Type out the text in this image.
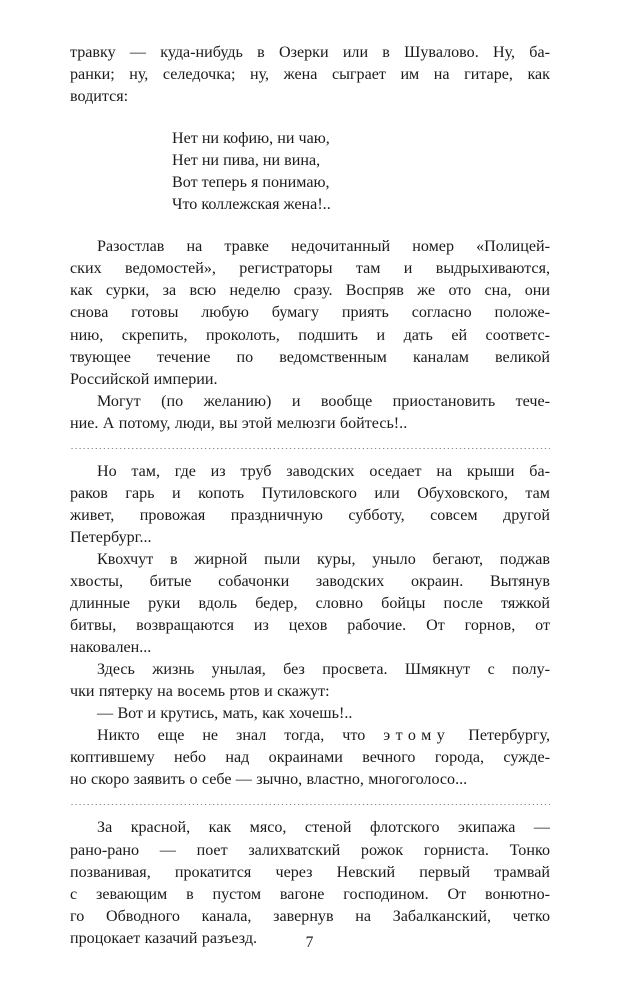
травку — куда-нибудь в Озерки или в Шувалово. Ну, ба-
ранки; ну, селедочка; ну, жена сыграет им на гитаре, как
водится:

Нет ни кофию, ни чаю,
Нет ни пива, ни вина,
Вот теперь я понимаю,
Что коллежская жена!..

Разостлав на травке недочитанный номер «Полицей-
ских ведомостей», регистраторы там и выдрыхиваются,
как сурки, за всю неделю сразу. Воспряв же ото сна, они
снова готовы любую бумагу приять согласно положе-
нию, скрепить, проколоть, подшить и дать ей соответс-
твующее течение по ведомственным каналам великой
Российской империи.

Могут (по желанию) и вообще приостановить тече-
ние. А потому, люди, вы этой мелюзги бойтесь!..

Но там, где из труб заводских оседает на крыши ба-
раков гарь и копоть Путиловского или Обуховского, там
живет, провожая праздничную субботу, совсем другой
Петербург...

Квохчут в жирной пыли куры, уныло бегают, поджав
хвосты, битые собачонки заводских окраин. Вытянув
длинные руки вдоль бедер, словно бойцы после тяжкой
битвы, возвращаются из цехов рабочие. От горнов, от
наковален...

Здесь жизнь унылая, без просвета. Шмякнут с полу-
чки пятерку на восемь ртов и скажут:

— Вот и крутись, мать, как хочешь!..

Никто еще не знал тогда, что этому Петербургу,
коптившему небо над окраинами вечного города, сужде-
но скоро заявить о себе — зычно, властно, многоголосо...

За красной, как мясо, стеной флотского экипажа —
рано-рано — поет залихватский рожок горниста. Тонко
позванивая, прокатится через Невский первый трамвай
с зевающим в пустом вагоне господином. От вонютно-
го Обводного канала, завернув на Забалканский, четко
процокает казачий разъезд.	7
